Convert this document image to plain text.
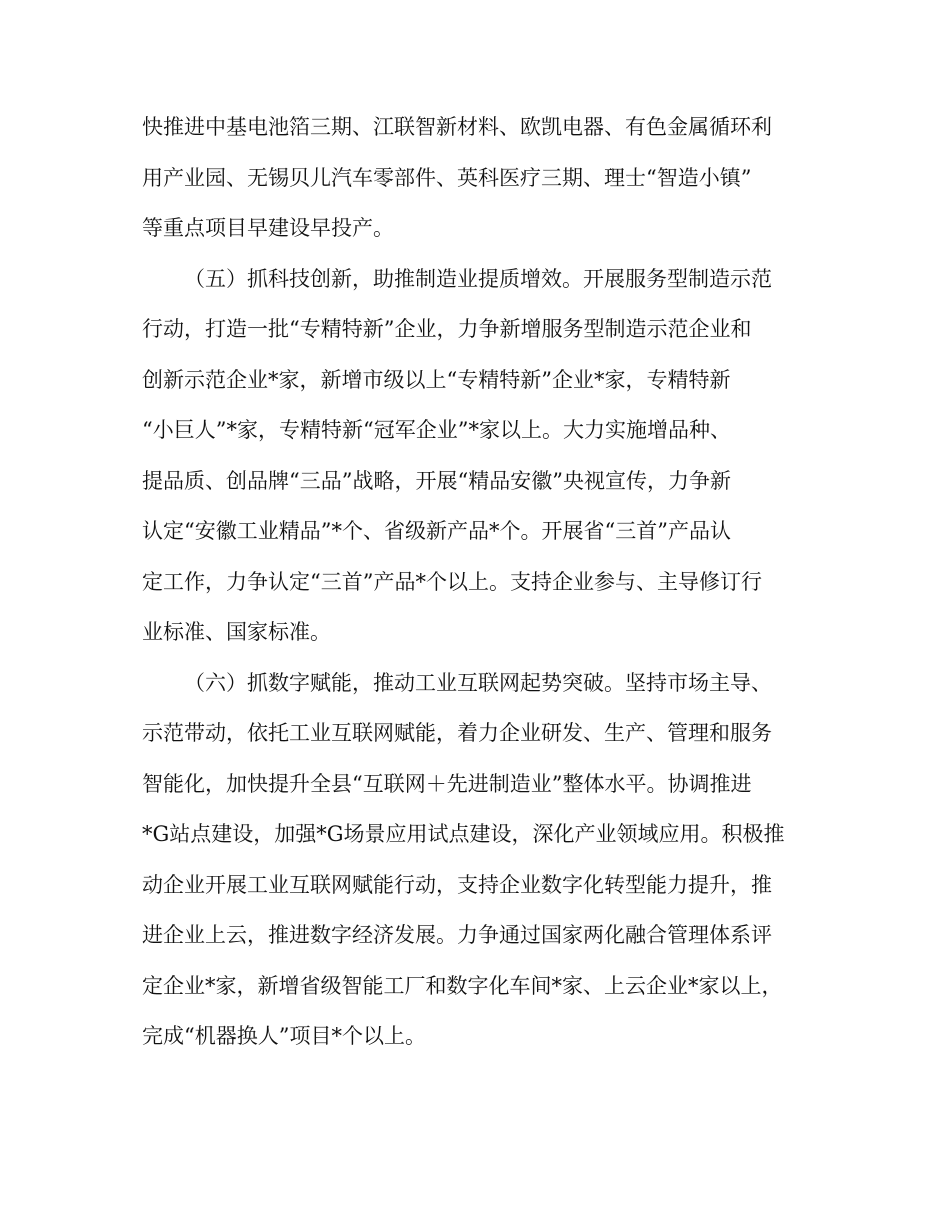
快推进中基电池箔三期、江联智新材料、欧凯电器、有色金属循环利
用产业园、无锡贝儿汽车零部件、英科医疗三期、理士“智造小镇”
等重点项目早建设早投产。
（五）抓科技创新，助推制造业提质增效。开展服务型制造示范
行动，打造一批“专精特新”企业，力争新增服务型制造示范企业和
创新示范企业*家，新增市级以上“专精特新”企业*家，专精特新
“小巨人”*家，专精特新“冠军企业”*家以上。大力实施增品种、
提品质、创品牌“三品”战略，开展“精品安徽”央视宣传，力争新
认定“安徽工业精品”*个、省级新产品*个。开展省“三首”产品认
定工作，力争认定“三首”产品*个以上。支持企业参与、主导修订行
业标准、国家标准。
（六）抓数字赋能，推动工业互联网起势突破。坚持市场主导、
示范带动，依托工业互联网赋能，着力企业研发、生产、管理和服务
智能化，加快提升全县“互联网＋先进制造业”整体水平。协调推进
*G站点建设，加强*G场景应用试点建设，深化产业领域应用。积极推
动企业开展工业互联网赋能行动，支持企业数字化转型能力提升，推
进企业上云，推进数字经济发展。力争通过国家两化融合管理体系评
定企业*家，新增省级智能工厂和数字化车间*家、上云企业*家以上，
完成“机器换人”项目*个以上。
